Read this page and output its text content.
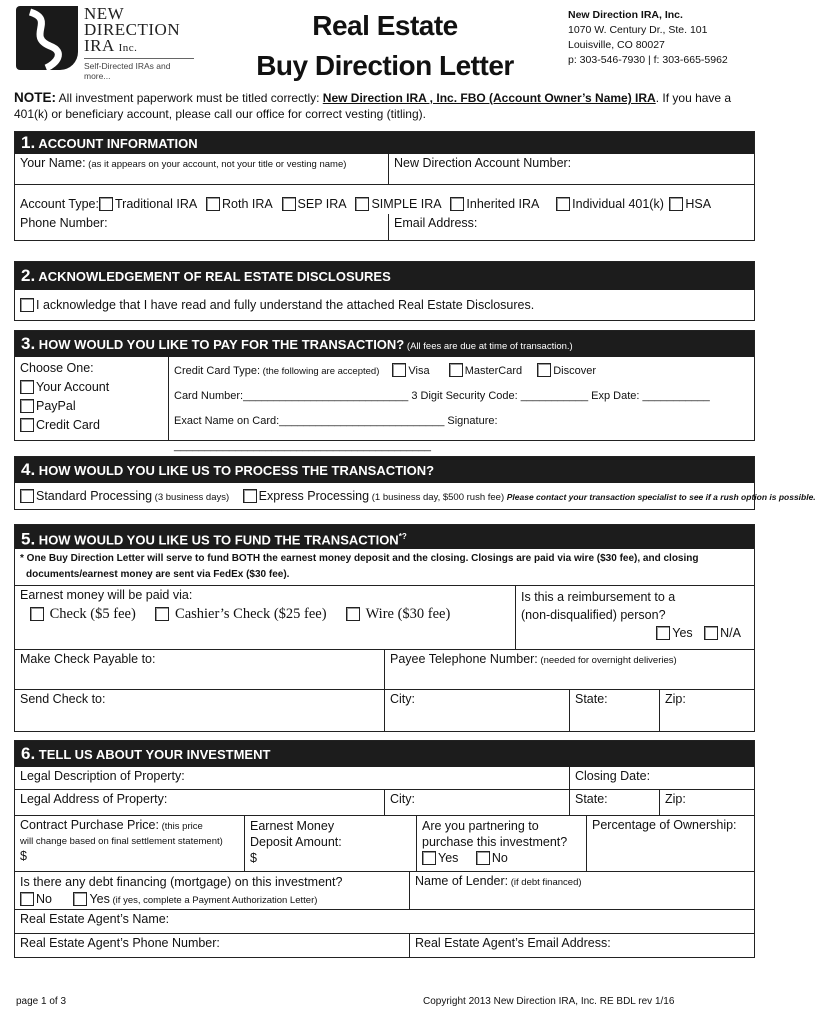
NEW
DIRECTION
IRA Inc.
Self-Directed IRAs and more...
Real Estate
Buy Direction Letter
New Direction IRA, Inc.
1070 W. Century Dr., Ste. 101
Louisville, CO 80027
p: 303-546-7930 | f: 303-665-5962
NOTE: All investment paperwork must be titled correctly: New Direction IRA , Inc. FBO (Account Owner’s Name) IRA. If you have a 401(k) or beneficiary account, please call our office for correct vesting (titling).
1. ACCOUNT INFORMATION
Your Name: (as it appears on your account, not your title or vesting name)	New Direction Account Number:
Account Type: Traditional IRA Roth IRA SEP IRA SIMPLE IRA Inherited IRA	Individual 401(k) HSA
Phone Number:	Email Address:
2. ACKNOWLEDGEMENT OF REAL ESTATE DISCLOSURES
I acknowledge that I have read and fully understand the attached Real Estate Disclosures.
3. HOW WOULD YOU LIKE TO PAY FOR THE TRANSACTION? (All fees are due at time of transaction.)
Choose One:
Your Account
PayPal
Credit Card
Credit Card Type: (the following are accepted)	Visa	MasterCard	Discover
Card Number:___________________________ 3 Digit Security Code: ___________ Exp Date: ___________
Exact Name on Card:___________________________ Signature: __________________________________________
4. HOW WOULD YOU LIKE US TO PROCESS THE TRANSACTION?
Standard Processing (3 business days) Express Processing (1 business day, $500 rush fee) Please contact your transaction specialist to see if a rush option is possible.
5. HOW WOULD YOU LIKE US TO FUND THE TRANSACTION*?
* One Buy Direction Letter will serve to fund BOTH the earnest money deposit and the closing. Closings are paid via wire ($30 fee), and closing
documents/earnest money are sent via FedEx ($30 fee).
Earnest money will be paid via:
Check ($5 fee)	Cashier’s Check ($25 fee)	Wire ($30 fee)
Is this a reimbursement to a
(non-disqualified) person?
Yes N/A
Make Check Payable to:	Payee Telephone Number: (needed for overnight deliveries)
Send Check to:	City:	State:	Zip:
6. TELL US ABOUT YOUR INVESTMENT
Legal Description of Property:	Closing Date:
Legal Address of Property:	City:	State:	Zip:
Contract Purchase Price: (this price
will change based on final settlement statement)
$
Earnest Money
Deposit Amount:
$
Are you partnering to
purchase this investment?
Yes	No
Percentage of Ownership:
Is there any debt financing (mortgage) on this investment?
No	Yes (if yes, complete a Payment Authorization Letter)
Name of Lender: (if debt financed)
Real Estate Agent’s Name:
Real Estate Agent’s Phone Number:	Real Estate Agent’s Email Address:
page 1 of 3	Copyright 2013 New Direction IRA, Inc. RE BDL rev 1/16
